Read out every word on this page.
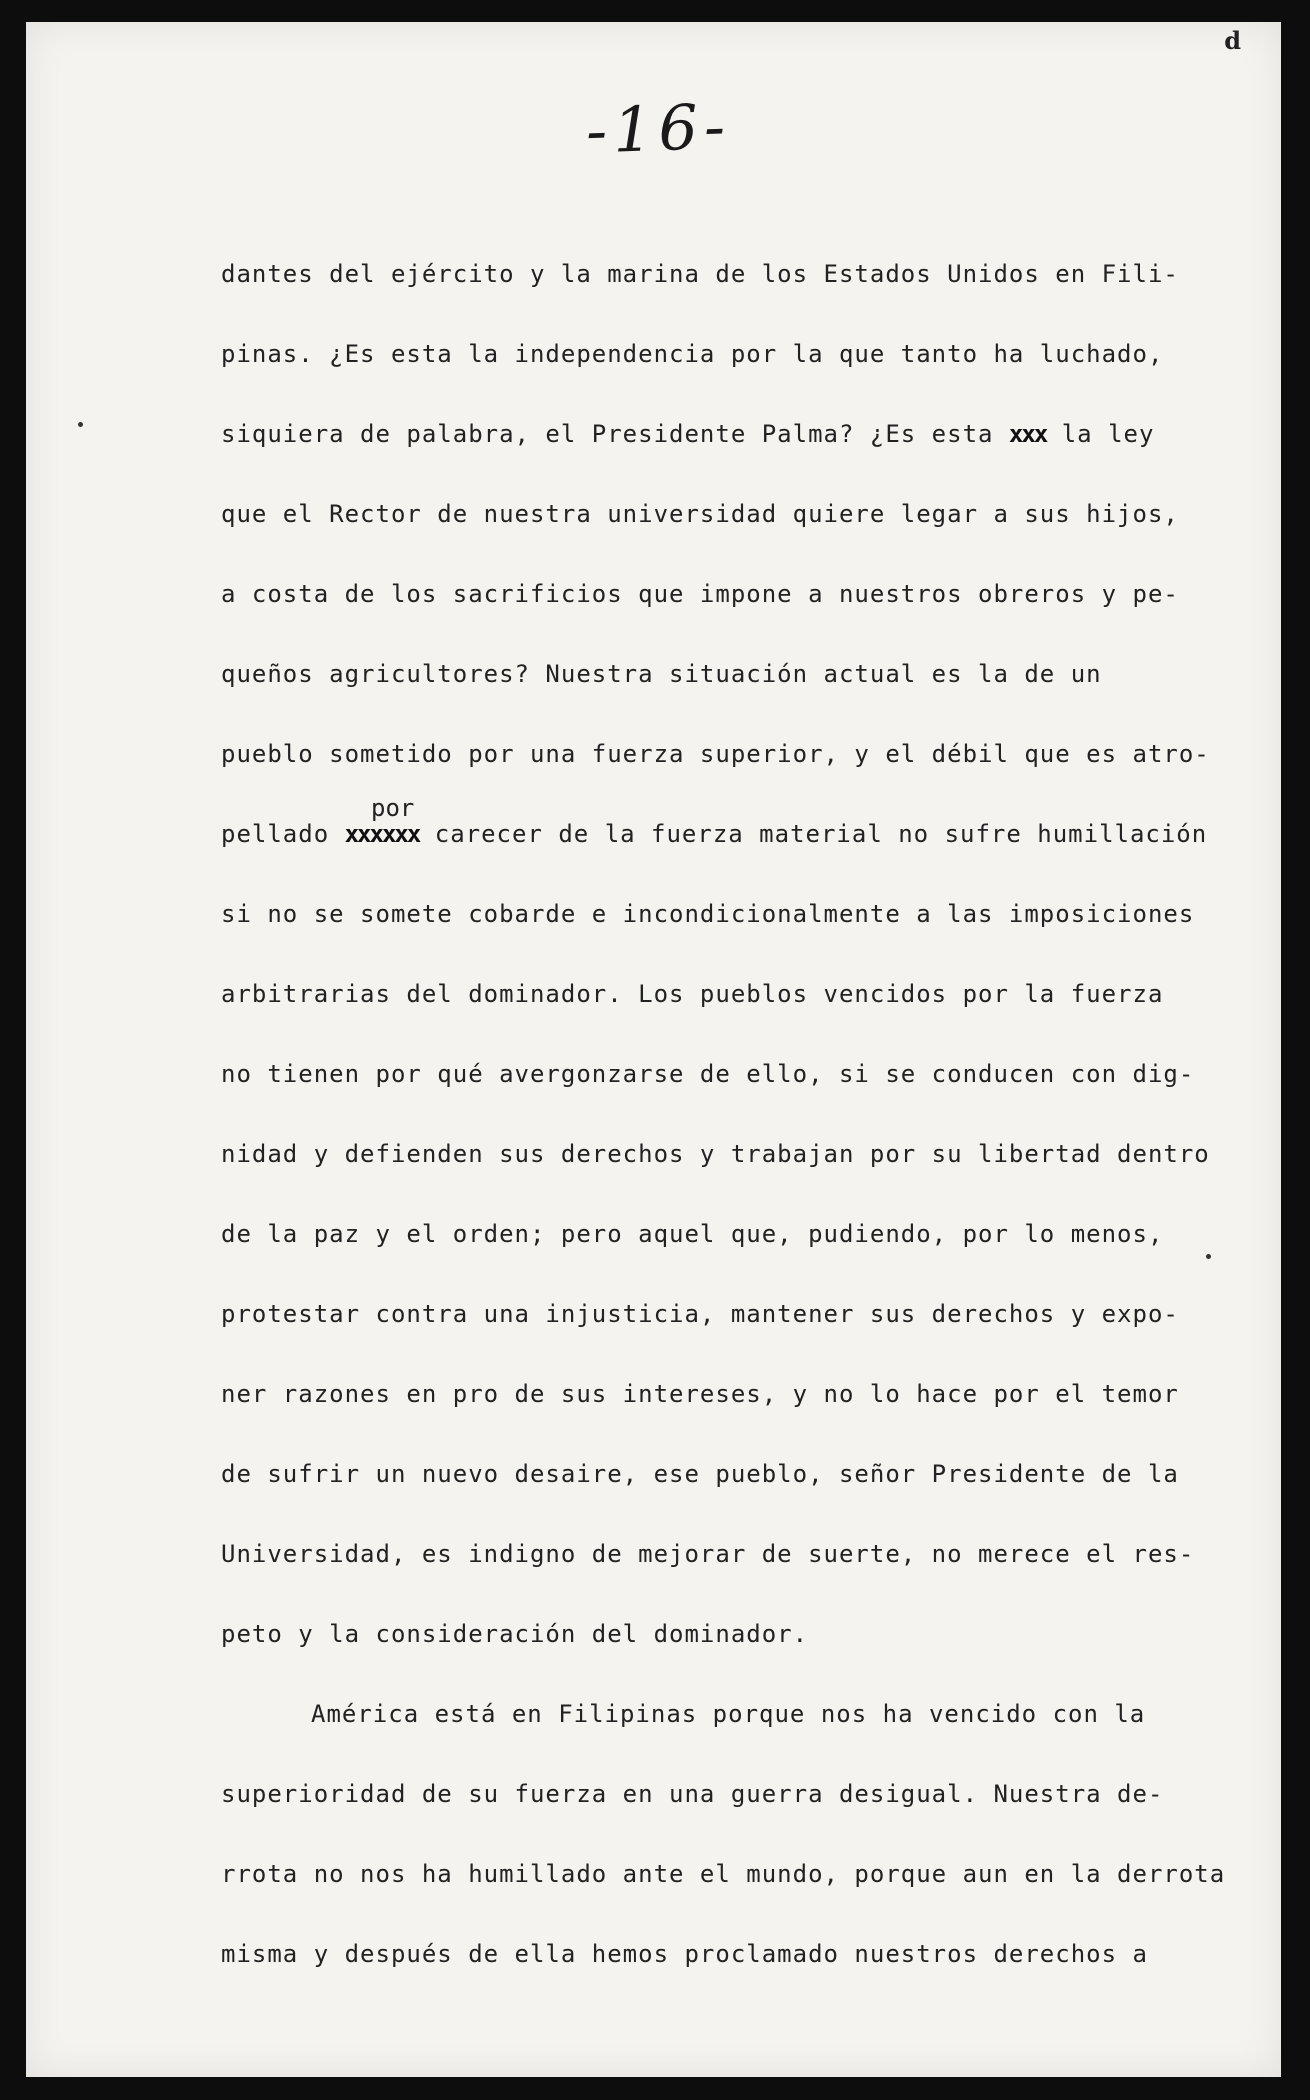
d
-16-
por
dantes del ejército y la marina de los Estados Unidos en Fili-
pinas. ¿Es esta la independencia por la que tanto ha luchado,
siquiera de palabra, el Presidente Palma? ¿Es esta xxx la ley
que el Rector de nuestra universidad quiere legar a sus hijos,
a costa de los sacrificios que impone a nuestros obreros y pe-
queños agricultores? Nuestra situación actual es la de un
pueblo sometido por una fuerza superior, y el débil que es atro-
pellado xxxxxx carecer de la fuerza material no sufre humillación
si no se somete cobarde e incondicionalmente a las imposiciones
arbitrarias del dominador. Los pueblos vencidos por la fuerza
no tienen por qué avergonzarse de ello, si se conducen con dig-
nidad y defienden sus derechos y trabajan por su libertad dentro
de la paz y el orden; pero aquel que, pudiendo, por lo menos,
protestar contra una injusticia, mantener sus derechos y expo-
ner razones en pro de sus intereses, y no lo hace por el temor
de sufrir un nuevo desaire, ese pueblo, señor Presidente de la
Universidad, es indigno de mejorar de suerte, no merece el res-
peto y la consideración del dominador.
América está en Filipinas porque nos ha vencido con la
superioridad de su fuerza en una guerra desigual. Nuestra de-
rrota no nos ha humillado ante el mundo, porque aun en la derrota
misma y después de ella hemos proclamado nuestros derechos a
